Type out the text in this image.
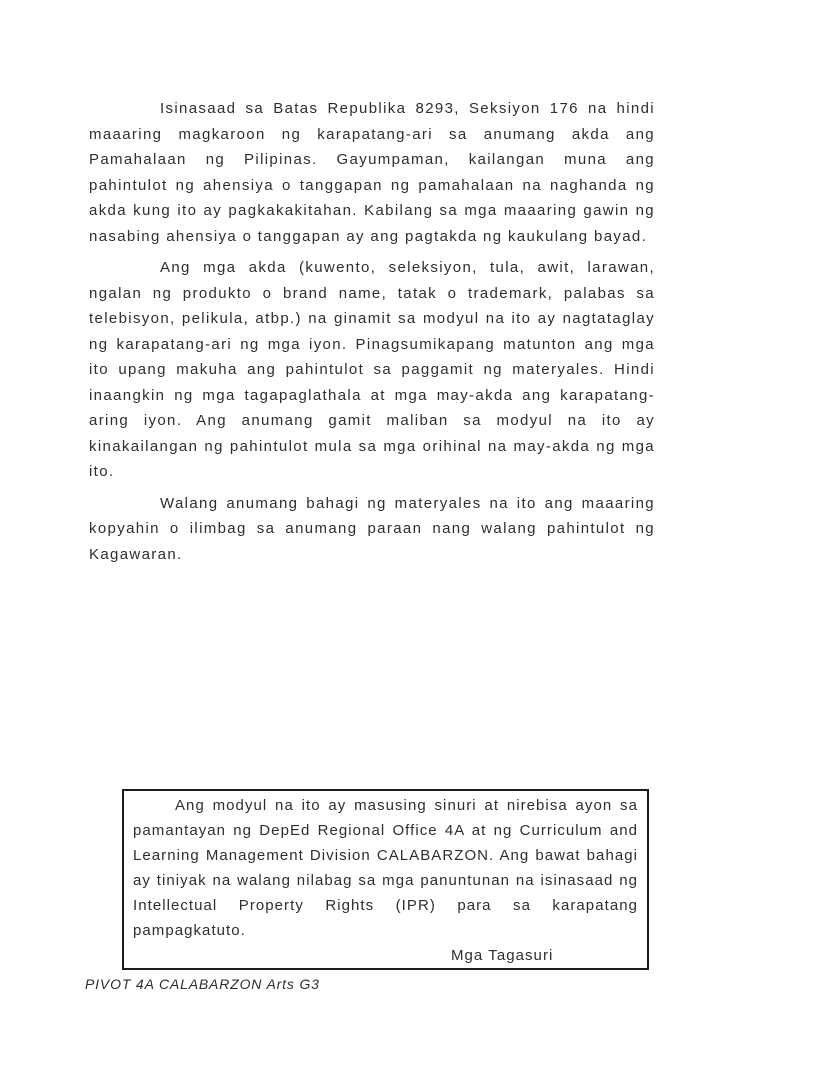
Isinasaad sa Batas Republika 8293, Seksiyon 176 na hindi maaaring magkaroon ng karapatang-ari sa anumang akda ang Pamahalaan ng Pilipinas. Gayumpaman, kailangan muna ang pahintulot ng ahensiya o tanggapan ng pamahalaan na naghanda ng akda kung ito ay pagkakakitahan. Kabilang sa mga maaaring gawin ng nasabing ahensiya o tanggapan ay ang pagtakda ng kaukulang bayad.

Ang mga akda (kuwento, seleksiyon, tula, awit, larawan, ngalan ng produkto o brand name, tatak o trademark, palabas sa telebisyon, pelikula, atbp.) na ginamit sa modyul na ito ay nagtataglay ng karapatang-ari ng mga iyon. Pinagsumikapang matunton ang mga ito upang makuha ang pahintulot sa paggamit ng materyales. Hindi inaangkin ng mga tagapaglathala at mga may-akda ang karapatang-aring iyon. Ang anumang gamit maliban sa modyul na ito ay kinakailangan ng pahintulot mula sa mga orihinal na may-akda ng mga ito.

Walang anumang bahagi ng materyales na ito ang maaaring kopyahin o ilimbag sa anumang paraan nang walang pahintulot ng Kagawaran.

Ang modyul na ito ay masusing sinuri at nirebisa ayon sa pamantayan ng DepEd Regional Office 4A at ng Curriculum and Learning Management Division CALABARZON. Ang bawat bahagi ay tiniyak na walang nilabag sa mga panuntunan na isinasaad ng Intellectual Property Rights (IPR) para sa karapatang pampagkatuto.

Mga Tagasuri
PIVOT 4A CALABARZON Arts G3
